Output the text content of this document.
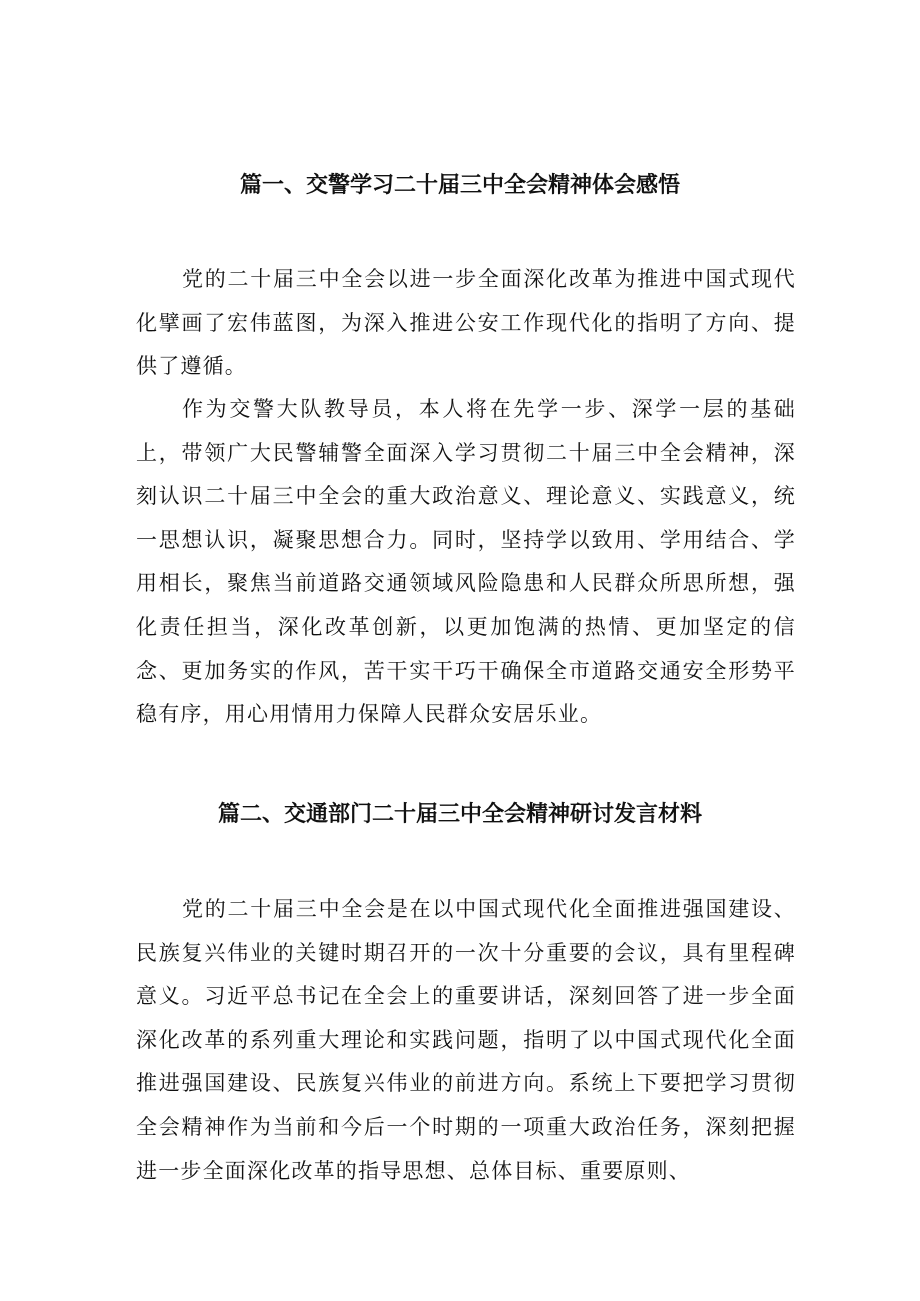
篇一、交警学习二十届三中全会精神体会感悟

党的二十届三中全会以进一步全面深化改革为推进中国式现代化擘画了宏伟蓝图，为深入推进公安工作现代化的指明了方向、提供了遵循。

作为交警大队教导员，本人将在先学一步、深学一层的基础上，带领广大民警辅警全面深入学习贯彻二十届三中全会精神，深刻认识二十届三中全会的重大政治意义、理论意义、实践意义，统一思想认识，凝聚思想合力。同时，坚持学以致用、学用结合、学用相长，聚焦当前道路交通领域风险隐患和人民群众所思所想，强化责任担当，深化改革创新，以更加饱满的热情、更加坚定的信念、更加务实的作风，苦干实干巧干确保全市道路交通安全形势平稳有序，用心用情用力保障人民群众安居乐业。

篇二、交通部门二十届三中全会精神研讨发言材料

党的二十届三中全会是在以中国式现代化全面推进强国建设、民族复兴伟业的关键时期召开的一次十分重要的会议，具有里程碑意义。习近平总书记在全会上的重要讲话，深刻回答了进一步全面深化改革的系列重大理论和实践问题，指明了以中国式现代化全面推进强国建设、民族复兴伟业的前进方向。系统上下要把学习贯彻全会精神作为当前和今后一个时期的一项重大政治任务，深刻把握进一步全面深化改革的指导思想、总体目标、重要原则、
